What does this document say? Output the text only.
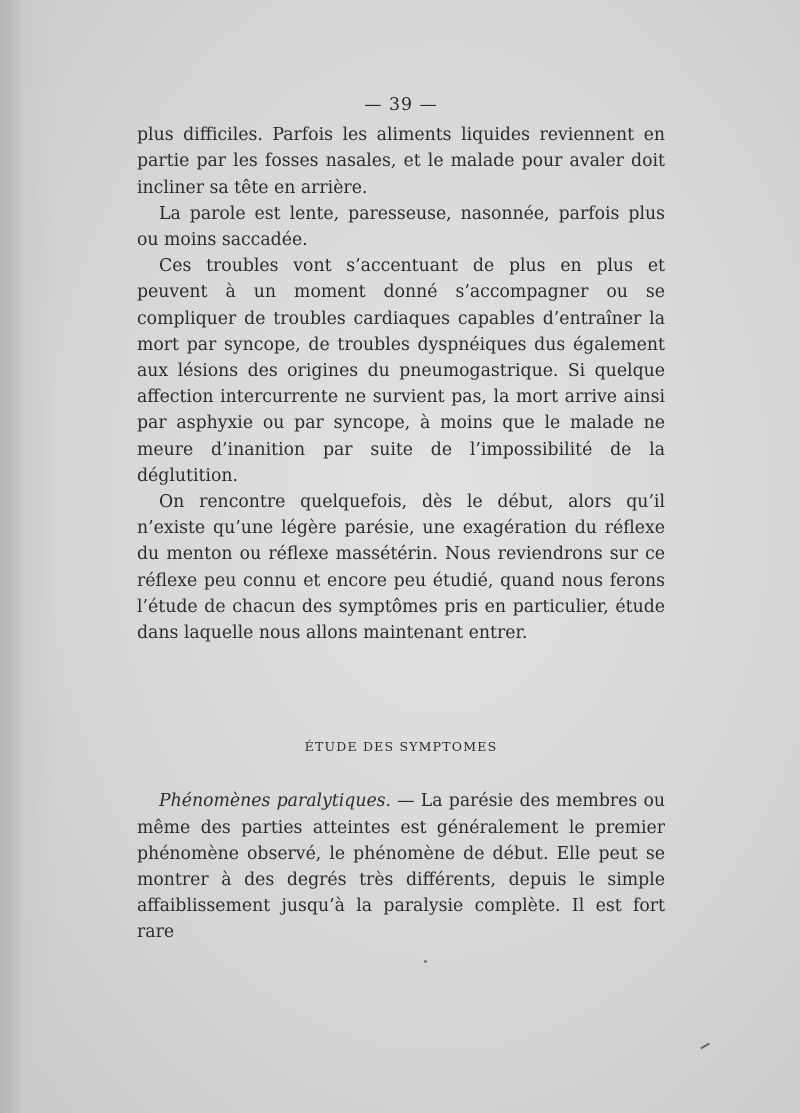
— 39 —

plus difficiles. Parfois les aliments liquides reviennent en partie par les fosses nasales, et le malade pour avaler doit incliner sa tête en arrière.

La parole est lente, paresseuse, nasonnée, parfois plus ou moins saccadée.

Ces troubles vont s’accentuant de plus en plus et peuvent à un moment donné s’accompagner ou se compliquer de troubles cardiaques capables d’entraîner la mort par syncope, de troubles dyspnéiques dus également aux lésions des origines du pneumogastrique. Si quelque affection intercurrente ne survient pas, la mort arrive ainsi par asphyxie ou par syncope, à moins que le malade ne meure d’inanition par suite de l’impossibilité de la déglutition.

On rencontre quelquefois, dès le début, alors qu’il n’existe qu’une légère parésie, une exagération du réflexe du menton ou réflexe massétérin. Nous reviendrons sur ce réflexe peu connu et encore peu étudié, quand nous ferons l’étude de chacun des symptômes pris en particulier, étude dans laquelle nous allons maintenant entrer.

ÉTUDE DES SYMPTOMES

Phénomènes paralytiques. — La parésie des membres ou même des parties atteintes est généralement le premier phénomène observé, le phénomène de début. Elle peut se montrer à des degrés très différents, depuis le simple affaiblissement jusqu’à la paralysie complète. Il est fort rare
